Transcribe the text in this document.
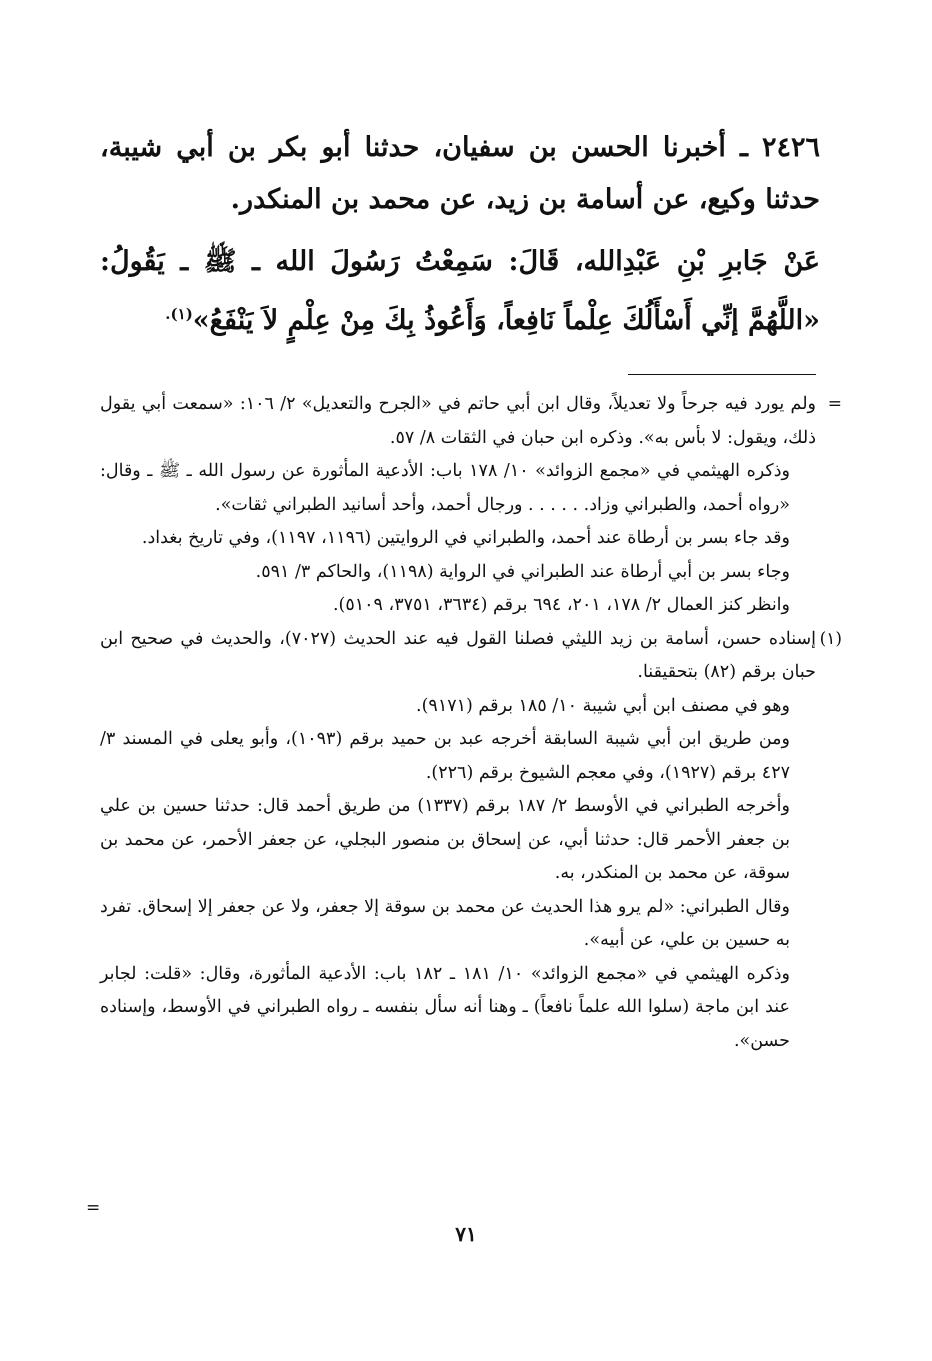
٢٤٢٦ ـ أخبرنا الحسن بن سفيان، حدثنا أبو بكر بن أبي شيبة، حدثنا وكيع، عن أسامة بن زيد، عن محمد بن المنكدر.
عَنْ جَابرِ بْنِ عَبْدِالله، قَالَ: سَمِعْتُ رَسُولَ الله ـ ﷺ ـ يَقُولُ: «اللَّهُمَّ إنِّي أَسْأَلُكَ عِلْماً نَافِعاً، وَأَعُوذُ بِكَ مِنْ عِلْمٍ لاَ يَنْفَعُ»$^{(١).}$

=
ولم يورد فيه جرحاً ولا تعديلاً، وقال ابن أبي حاتم في «الجرح والتعديل» ٢/ ١٠٦: «سمعت أبي يقول ذلك، ويقول: لا بأس به». وذكره ابن حبان في الثقات ٨/ ٥٧.

وذكره الهيثمي في «مجمع الزوائد» ١٠/ ١٧٨ باب: الأدعية المأثورة عن رسول الله ـ ﷺ ـ وقال: «رواه أحمد، والطبراني وزاد. . . . . . ورجال أحمد، وأحد أسانيد الطبراني ثقات».

وقد جاء بسر بن أرطاة عند أحمد، والطبراني في الروايتين (١١٩٦، ١١٩٧)، وفي تاريخ بغداد.

وجاء بسر بن أبي أرطاة عند الطبراني في الرواية (١١٩٨)، والحاكم ٣/ ٥٩١.

وانظر كنز العمال ٢/ ١٧٨، ٢٠١، ٦٩٤ برقم (٣٦٣٤، ٣٧٥١، ٥١٠٩).

(١)
إسناده حسن، أسامة بن زيد الليثي فصلنا القول فيه عند الحديث (٧٠٢٧)، والحديث في صحيح ابن حبان برقم (٨٢) بتحقيقنا.

وهو في مصنف ابن أبي شيبة ١٠/ ١٨٥ برقم (٩١٧١).

ومن طريق ابن أبي شيبة السابقة أخرجه عبد بن حميد برقم (١٠٩٣)، وأبو يعلى في المسند ٣/ ٤٢٧ برقم (١٩٢٧)، وفي معجم الشيوخ برقم (٢٢٦).

وأخرجه الطبراني في الأوسط ٢/ ١٨٧ برقم (١٣٣٧) من طريق أحمد قال: حدثنا حسين بن علي بن جعفر الأحمر قال: حدثنا أبي، عن إسحاق بن منصور البجلي، عن جعفر الأحمر، عن محمد بن سوقة، عن محمد بن المنكدر، به.

وقال الطبراني: «لم يرو هذا الحديث عن محمد بن سوقة إلا جعفر، ولا عن جعفر إلا إسحاق. تفرد به حسين بن علي، عن أبيه».

وذكره الهيثمي في «مجمع الزوائد» ١٠/ ١٨١ ـ ١٨٢ باب: الأدعية المأثورة، وقال: «قلت: لجابر عند ابن ماجة (سلوا الله علماً نافعاً) ـ وهنا أنه سأل بنفسه ـ رواه الطبراني في الأوسط، وإسناده حسن».

=
٧١
